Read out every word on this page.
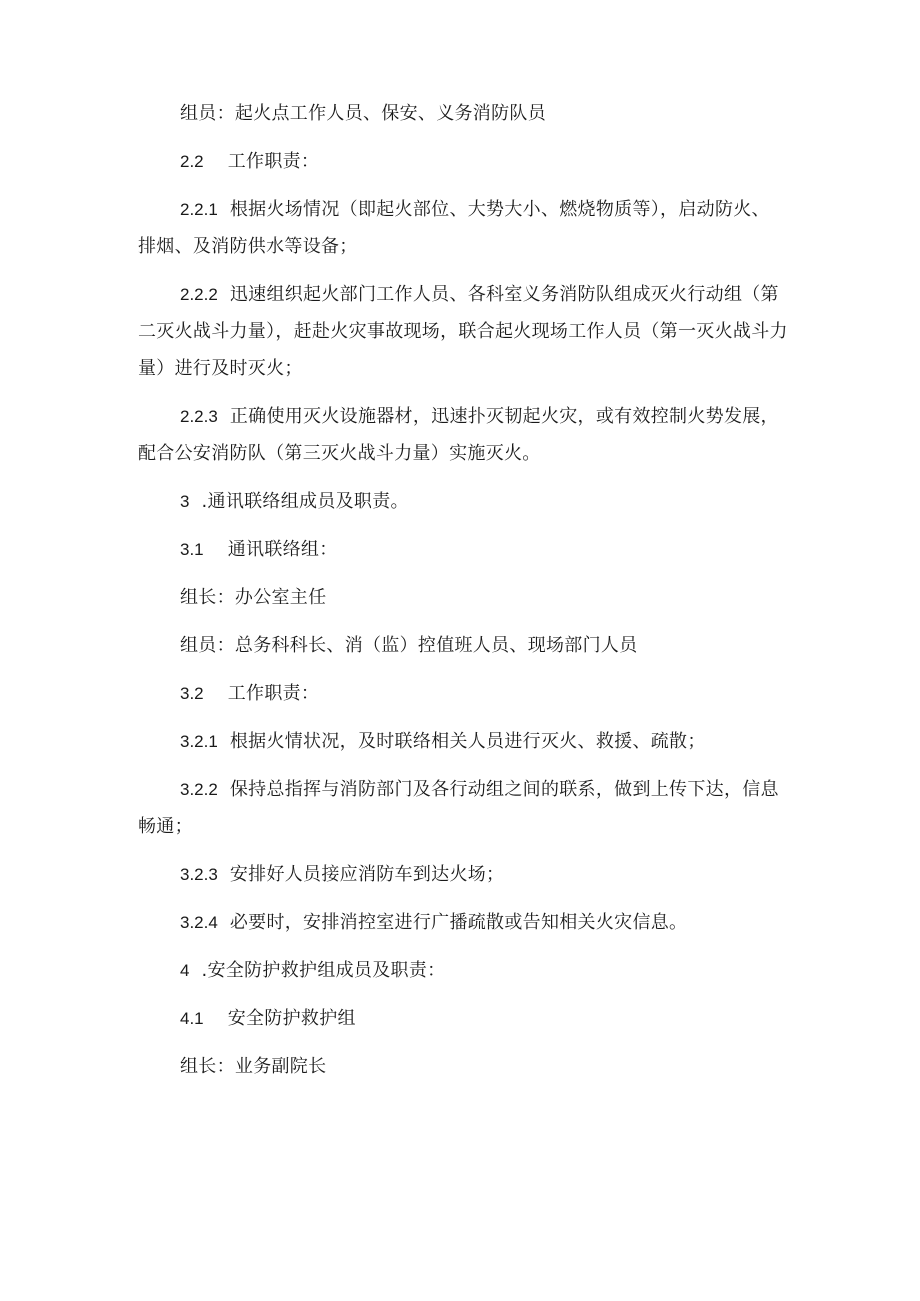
组员：起火点工作人员、保安、义务消防队员

2.2    工作职责：

2.2.1  根据火场情况（即起火部位、大势大小、燃烧物质等），启动防火、排烟、及消防供水等设备；

2.2.2  迅速组织起火部门工作人员、各科室义务消防队组成灭火行动组（第二灭火战斗力量），赶赴火灾事故现场，联合起火现场工作人员（第一灭火战斗力量）进行及时灭火；

2.2.3  正确使用灭火设施器材，迅速扑灭韧起火灾，或有效控制火势发展，配合公安消防队（第三灭火战斗力量）实施灭火。

3  .通讯联络组成员及职责。

3.1    通讯联络组：

组长：办公室主任

组员：总务科科长、消（监）控值班人员、现场部门人员

3.2    工作职责：

3.2.1  根据火情状况，及时联络相关人员进行灭火、救援、疏散；

3.2.2  保持总指挥与消防部门及各行动组之间的联系，做到上传下达，信息畅通；

3.2.3  安排好人员接应消防车到达火场；

3.2.4  必要时，安排消控室进行广播疏散或告知相关火灾信息。

4  .安全防护救护组成员及职责：

4.1    安全防护救护组

组长：业务副院长
